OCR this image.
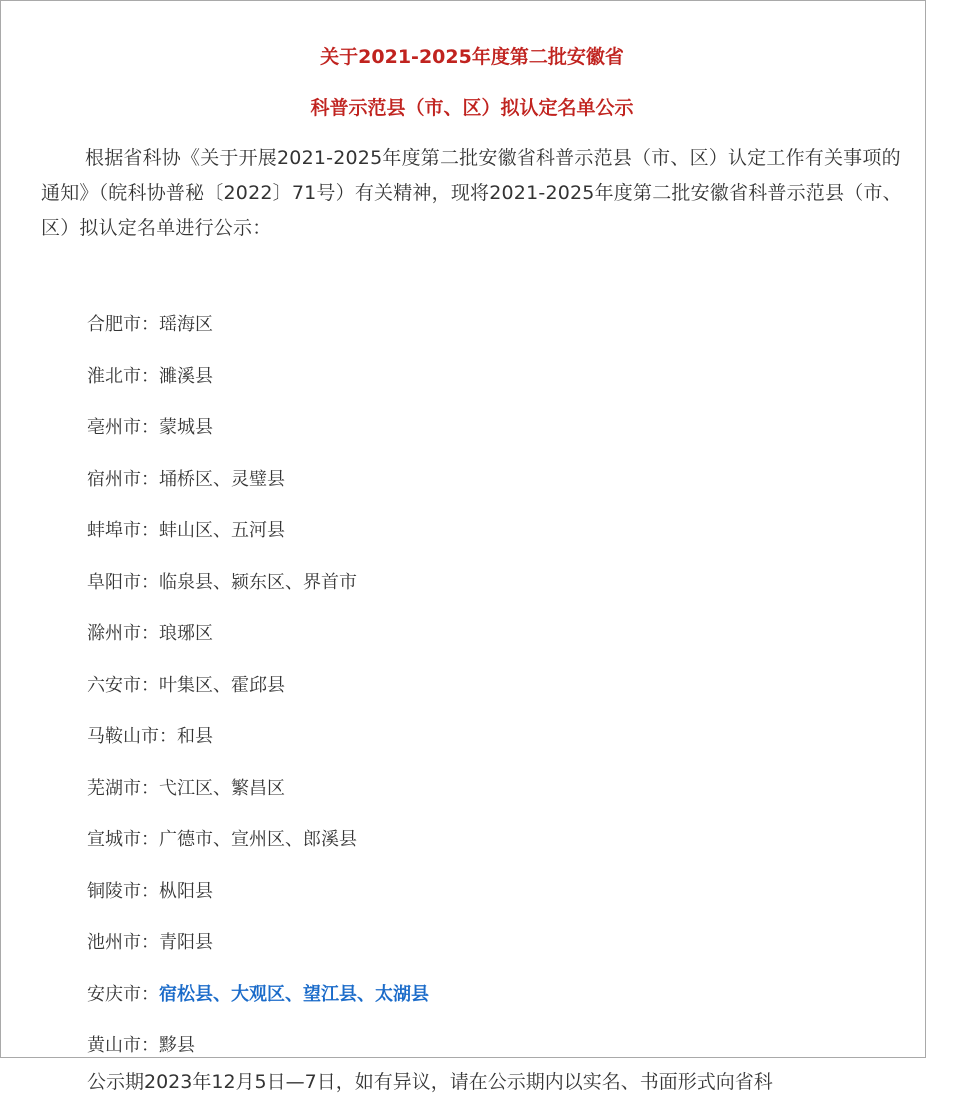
关于2021-2025年度第二批安徽省
科普示范县（市、区）拟认定名单公示

根据省科协《关于开展2021-2025年度第二批安徽省科普示范县（市、区）认定工作有关事项的通知》（皖科协普秘〔2022〕71号）有关精神，现将2021-2025年度第二批安徽省科普示范县（市、区）拟认定名单进行公示：

合肥市：瑶海区
淮北市：濉溪县
亳州市：蒙城县
宿州市：埇桥区、灵璧县
蚌埠市：蚌山区、五河县
阜阳市：临泉县、颍东区、界首市
滁州市：琅琊区
六安市：叶集区、霍邱县
马鞍山市：和县
芜湖市：弋江区、繁昌区
宣城市：广德市、宣州区、郎溪县
铜陵市：枞阳县
池州市：青阳县
安庆市：宿松县、大观区、望江县、太湖县
黄山市：黟县
公示期2023年12月5日—7日，如有异议，请在公示期内以实名、书面形式向省科
